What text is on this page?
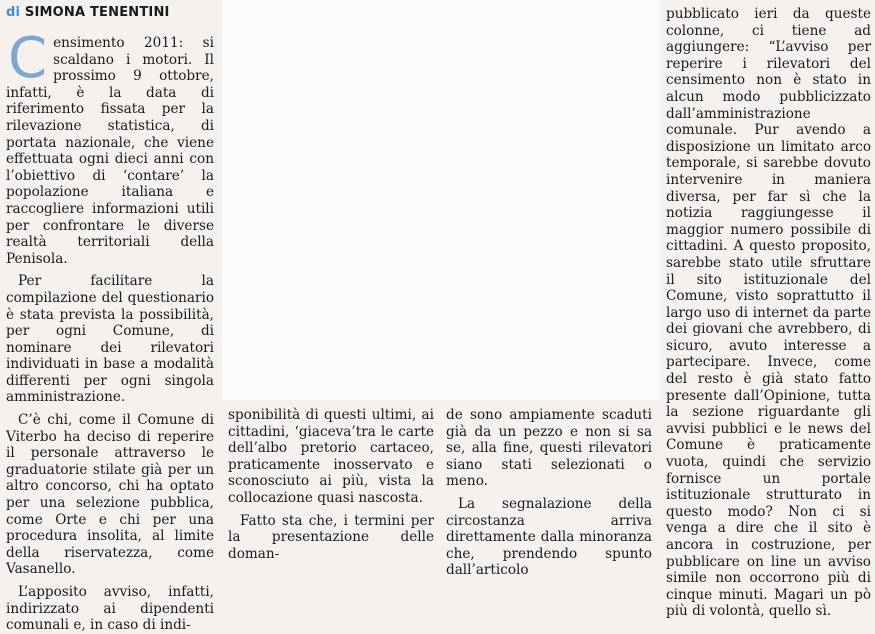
di SIMONA TENENTINI

Censimento 2011: si scaldano i motori. Il prossimo 9 ottobre, infatti, è la data di riferimento fissata per la rilevazione statistica, di portata nazionale, che viene effettuata ogni dieci anni con l’obiettivo di ‘contare’ la popolazione italiana e raccogliere informazioni utili per confrontare le diverse realtà territoriali della Penisola.

Per facilitare la compilazione del questionario è stata prevista la possibilità, per ogni Comune, di nominare dei rilevatori individuati in base a modalità differenti per ogni singola amministrazione.

C’è chi, come il Comune di Viterbo ha deciso di reperire il personale attraverso le graduatorie stilate già per un altro concorso, chi ha optato per una selezione pubblica, come Orte e chi per una procedura insolita, al limite della riservatezza, come Vasanello.

L’apposito avviso, infatti, indirizzato ai dipendenti comunali e, in caso di indi-

sponibilità di questi ultimi, ai cittadini, ‘giaceva’tra le carte dell’albo pretorio cartaceo, praticamente inosservato e sconosciuto ai più, vista la collocazione quasi nascosta.

Fatto sta che, i termini per la presentazione delle doman-

de sono ampiamente scaduti già da un pezzo e non si sa se, alla fine, questi rilevatori siano stati selezionati o meno.

La segnalazione della circostanza arriva direttamente dalla minoranza che, prendendo spunto dall’articolo

pubblicato ieri da queste colonne, ci tiene ad aggiungere: “L’avviso per reperire i rilevatori del censimento non è stato in alcun modo pubblicizzato dall’amministrazione comunale. Pur avendo a disposizione un limitato arco temporale, si sarebbe dovuto intervenire in maniera diversa, per far sì che la notizia raggiungesse il maggior numero possibile di cittadini. A questo proposito, sarebbe stato utile sfruttare il sito istituzionale del Comune, visto soprattutto il largo uso di internet da parte dei giovani che avrebbero, di sicuro, avuto interesse a partecipare. Invece, come del resto è già stato fatto presente dall’Opinione, tutta la sezione riguardante gli avvisi pubblici e le news del Comune è praticamente vuota, quindi che servizio fornisce un portale istituzionale strutturato in questo modo? Non ci si venga a dire che il sito è ancora in costruzione, per pubblicare on line un avviso simile non occorrono più di cinque minuti. Magari un pò più di volontà, quello sì.
